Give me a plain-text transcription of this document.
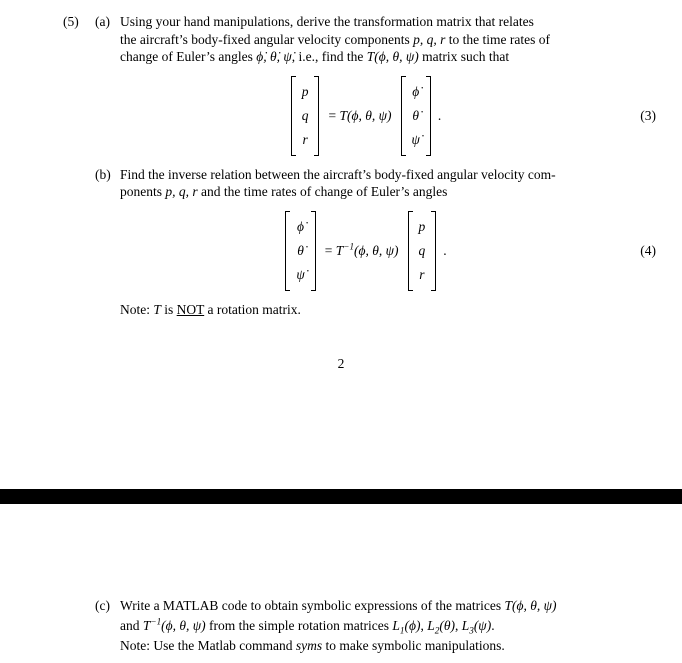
(5)	(a) Using your hand manipulations, derive the transformation matrix that relates
the aircraft’s body-fixed angular velocity components p, q, r to the time rates of
change of Euler’s angles ϕ̇, θ̇, ψ̇, i.e., find the T(ϕ, θ, ψ) matrix such that
p
q
r
= T(ϕ, θ, ψ)
ϕ̇
θ̇
ψ̇
.	(3)
(b) Find the inverse relation between the aircraft’s body-fixed angular velocity com-
ponents p, q, r and the time rates of change of Euler’s angles
ϕ̇
θ̇
ψ̇
= $T^{-1}(\phi$, θ, ψ)
p
q
r
.	(4)
Note: T is NOT a rotation matrix.
2
(c) Write a MATLAB code to obtain symbolic expressions of the matrices T(ϕ, θ, ψ)
and $T^{-1}(\phi$, θ, ψ) from the simple rotation matrices $L_1(\phi)$, $L_2(\theta)$, $L_3(\psi)$.
Note: Use the Matlab command syms to make symbolic manipulations.
